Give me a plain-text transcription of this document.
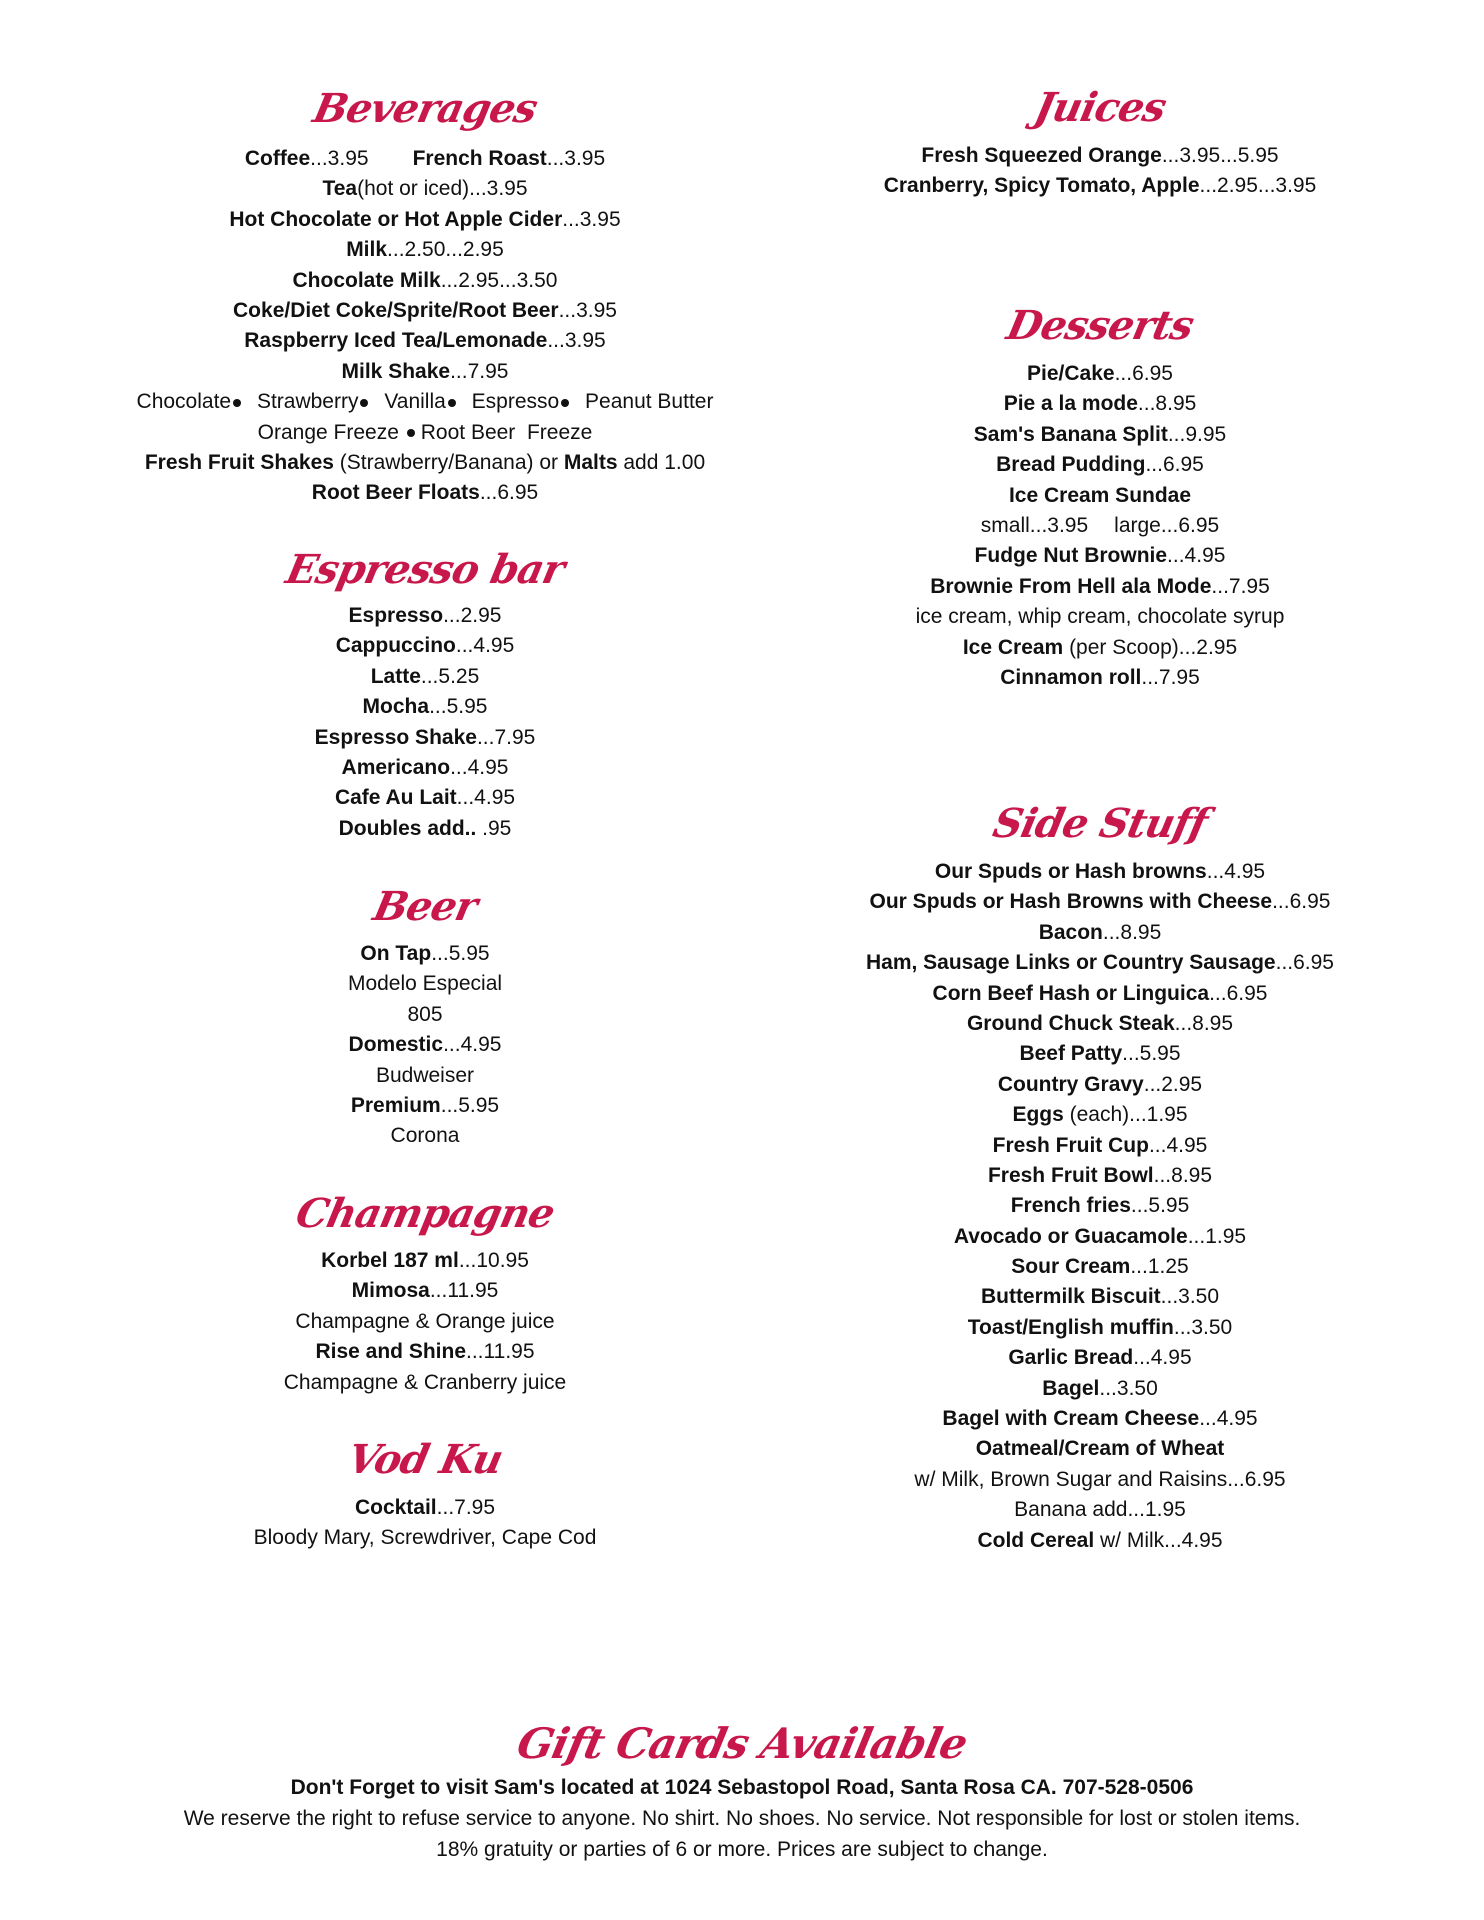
Beverages
Coffee...3.95 French Roast...3.95
Tea(hot or iced)...3.95
Hot Chocolate or Hot Apple Cider...3.95
Milk...2.50...2.95
Chocolate Milk...2.95...3.50
Coke/Diet Coke/Sprite/Root Beer...3.95
Raspberry Iced Tea/Lemonade...3.95
Milk Shake...7.95
Chocolate Strawberry Vanilla Espresso Peanut Butter
Orange Freeze Root Beer  Freeze
Fresh Fruit Shakes (Strawberry/Banana) or Malts add 1.00
Root Beer Floats...6.95
Espresso bar
Espresso...2.95
Cappuccino...4.95
Latte...5.25
Mocha...5.95
Espresso Shake...7.95
Americano...4.95
Cafe Au Lait...4.95
Doubles add.. .95
Beer
On Tap...5.95
Modelo Especial
805
Domestic...4.95
Budweiser
Premium...5.95
Corona
Champagne
Korbel 187 ml...10.95
Mimosa...11.95
Champagne & Orange juice
Rise and Shine...11.95
Champagne & Cranberry juice
Vod Ku
Cocktail...7.95
Bloody Mary, Screwdriver, Cape Cod
Juices
Fresh Squeezed Orange...3.95...5.95
Cranberry, Spicy Tomato, Apple...2.95...3.95
Desserts
Pie/Cake...6.95
Pie a la mode...8.95
Sam's Banana Split...9.95
Bread Pudding...6.95
Ice Cream Sundae
small...3.95 large...6.95
Fudge Nut Brownie...4.95
Brownie From Hell ala Mode...7.95
ice cream, whip cream, chocolate syrup
Ice Cream (per Scoop)...2.95
Cinnamon roll...7.95
Side Stuff
Our Spuds or Hash browns...4.95
Our Spuds or Hash Browns with Cheese...6.95
Bacon...8.95
Ham, Sausage Links or Country Sausage...6.95
Corn Beef Hash or Linguica...6.95
Ground Chuck Steak...8.95
Beef Patty...5.95
Country Gravy...2.95
Eggs (each)...1.95
Fresh Fruit Cup...4.95
Fresh Fruit Bowl...8.95
French fries...5.95
Avocado or Guacamole...1.95
Sour Cream...1.25
Buttermilk Biscuit...3.50
Toast/English muffin...3.50
Garlic Bread...4.95
Bagel...3.50
Bagel with Cream Cheese...4.95
Oatmeal/Cream of Wheat
w/ Milk, Brown Sugar and Raisins...6.95
Banana add...1.95
Cold Cereal w/ Milk...4.95
Gift Cards Available
Don't Forget to visit Sam's located at 1024 Sebastopol Road, Santa Rosa CA. 707-528-0506
We reserve the right to refuse service to anyone. No shirt. No shoes. No service. Not responsible for lost or stolen items.
18% gratuity or parties of 6 or more. Prices are subject to change.
